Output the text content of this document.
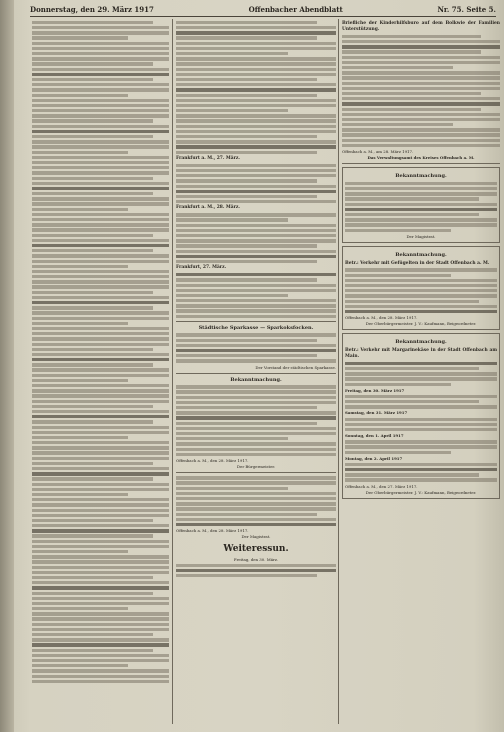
Donnerstag, den 29. März 1917	Offenbacher Abendblatt	Nr. 75. Seite 5.
Frankfurt a. M., 27. März.
Frankfurt a. M., 28. März.
Frankfurt, 27. März.
Städtische Sparkasse — Sparkoksfocken.
Der Vorstand der städtischen Sparkasse.
Bekanntmachung.
Offenbach a. M., den 28. März 1917.
Der Bürgermeister.
Offenbach a. M., den 28. März 1917.
Der Magistrat.
Weiteressun.
Freitag, den 30. März.
Briefliche der Kinderhilfsburo auf dem Bolkwie der Familien Unterstützung.
Offenbach a. M., am 28. März 1917.
Das Verwaltungsamt des Kreises Offenbach a. M.
Bekanntmachung.
Der Magistrat.
Bekanntmachung.
Betr.: Verkehr mit Gefügelten in der Stadt Offenbach a. M.
Offenbach a. M., den 28. März 1917.
Der Oberbürgermeister. J. V.: Kaufmann, Beigeordneter.
Bekanntmachung.
Betr.: Verkehr mit Margarinekäse in der Stadt Offenbach am Main.
Freitag, den 30. März 1917
Samstag, den 31. März 1917
Sonntag, den 1. April 1917
Montag, den 2. April 1917
Offenbach a. M., den 27. März 1917.
Der Oberbürgermeister. J. V.: Kaufmann, Beigeordneter.
